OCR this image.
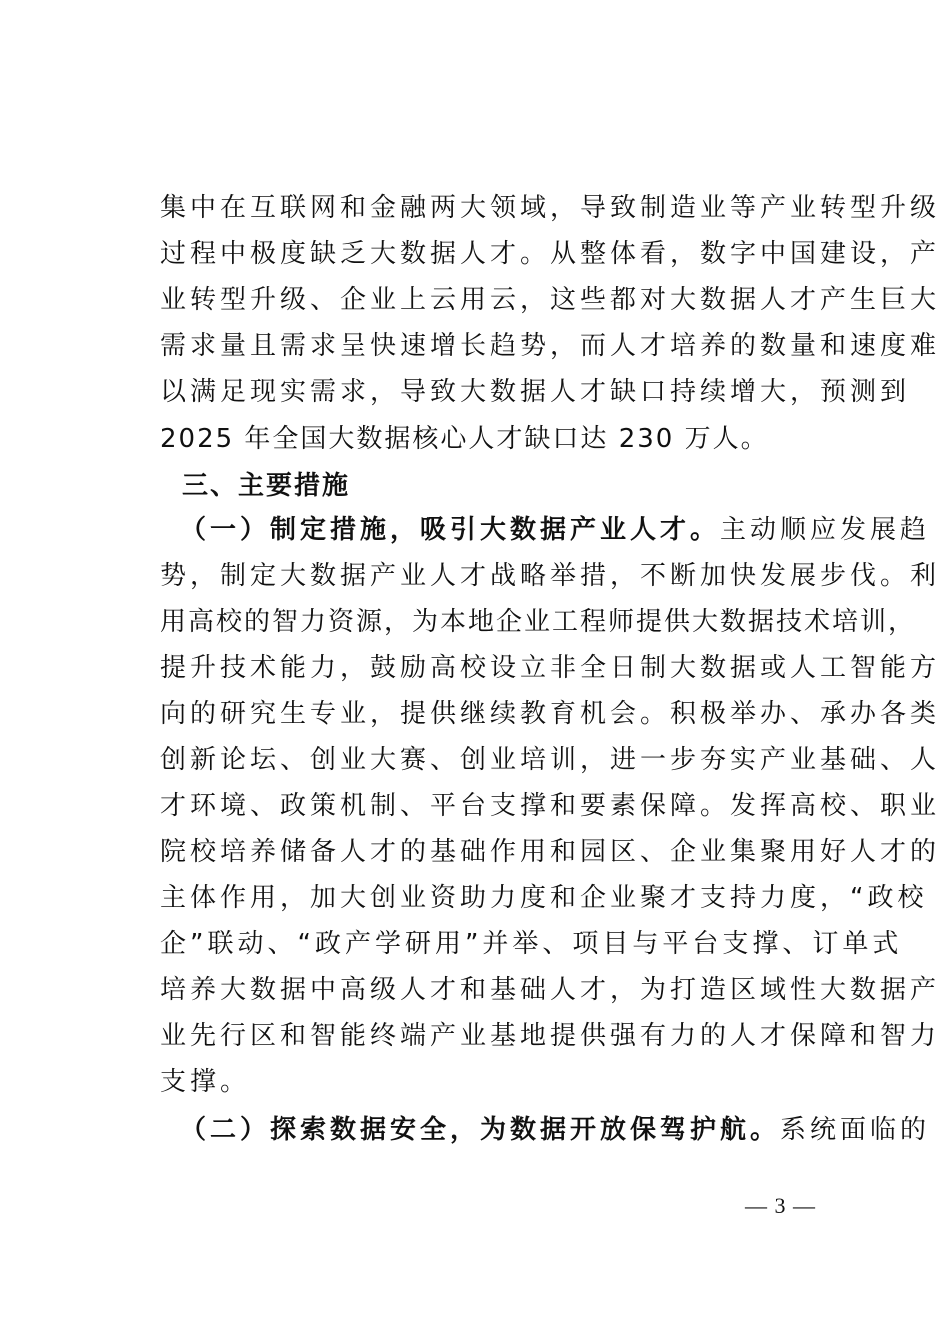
集中在互联网和金融两大领域，导致制造业等产业转型升级
过程中极度缺乏大数据人才。从整体看，数字中国建设，产
业转型升级、企业上云用云，这些都对大数据人才产生巨大
需求量且需求呈快速增长趋势，而人才培养的数量和速度难
以满足现实需求，导致大数据人才缺口持续增大，预测到
2025 年全国大数据核心人才缺口达 230 万人。
三、主要措施
（一）制定措施，吸引大数据产业人才。主动顺应发展趋
势，制定大数据产业人才战略举措，不断加快发展步伐。利
用高校的智力资源，为本地企业工程师提供大数据技术培训，
提升技术能力，鼓励高校设立非全日制大数据或人工智能方
向的研究生专业，提供继续教育机会。积极举办、承办各类
创新论坛、创业大赛、创业培训，进一步夯实产业基础、人
才环境、政策机制、平台支撑和要素保障。发挥高校、职业
院校培养储备人才的基础作用和园区、企业集聚用好人才的
主体作用，加大创业资助力度和企业聚才支持力度，“政校
企”联动、“政产学研用”并举、项目与平台支撑、订单式
培养大数据中高级人才和基础人才，为打造区域性大数据产
业先行区和智能终端产业基地提供强有力的人才保障和智力
支撑。
（二）探索数据安全，为数据开放保驾护航。系统面临的
— 3 —
